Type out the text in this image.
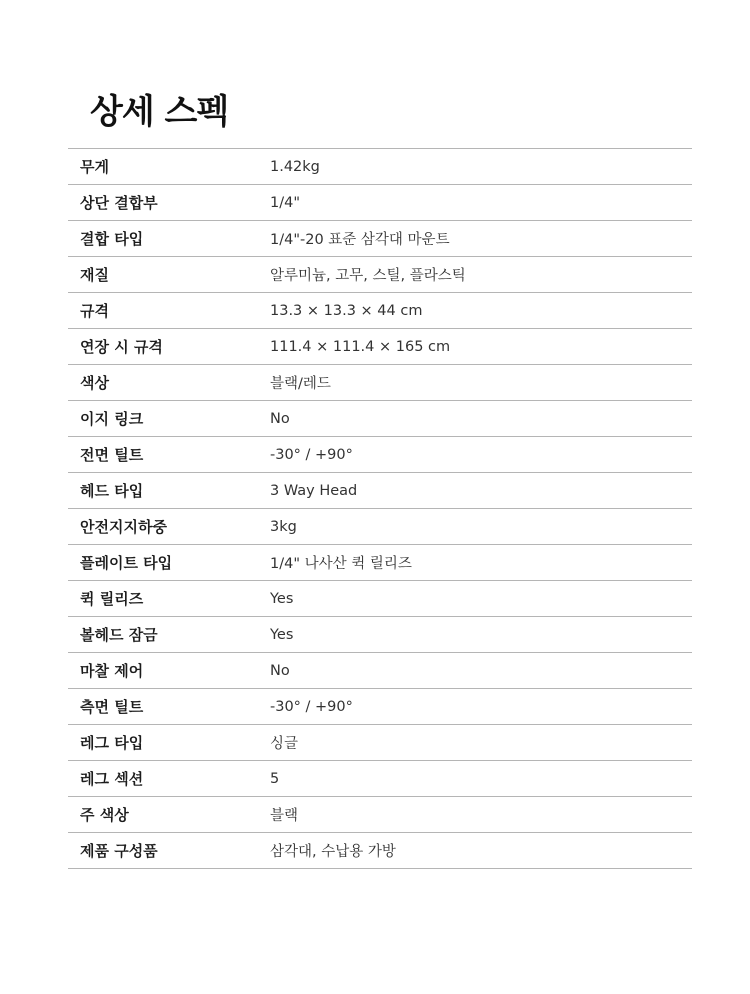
상세 스펙
무게	1.42kg
상단 결합부	1/4"
결합 타입	1/4"-20 표준 삼각대 마운트
재질	알루미늄, 고무, 스틸, 플라스틱
규격	13.3 × 13.3 × 44 cm
연장 시 규격	111.4 × 111.4 × 165 cm
색상	블랙/레드
이지 링크	No
전면 틸트	-30° / +90°
헤드 타입	3 Way Head
안전지지하중	3kg
플레이트 타입	1/4" 나사산 퀵 릴리즈
퀵 릴리즈	Yes
볼헤드 잠금	Yes
마찰 제어	No
측면 틸트	-30° / +90°
레그 타입	싱글
레그 섹션	5
주 색상	블랙
제품 구성품	삼각대, 수납용 가방
